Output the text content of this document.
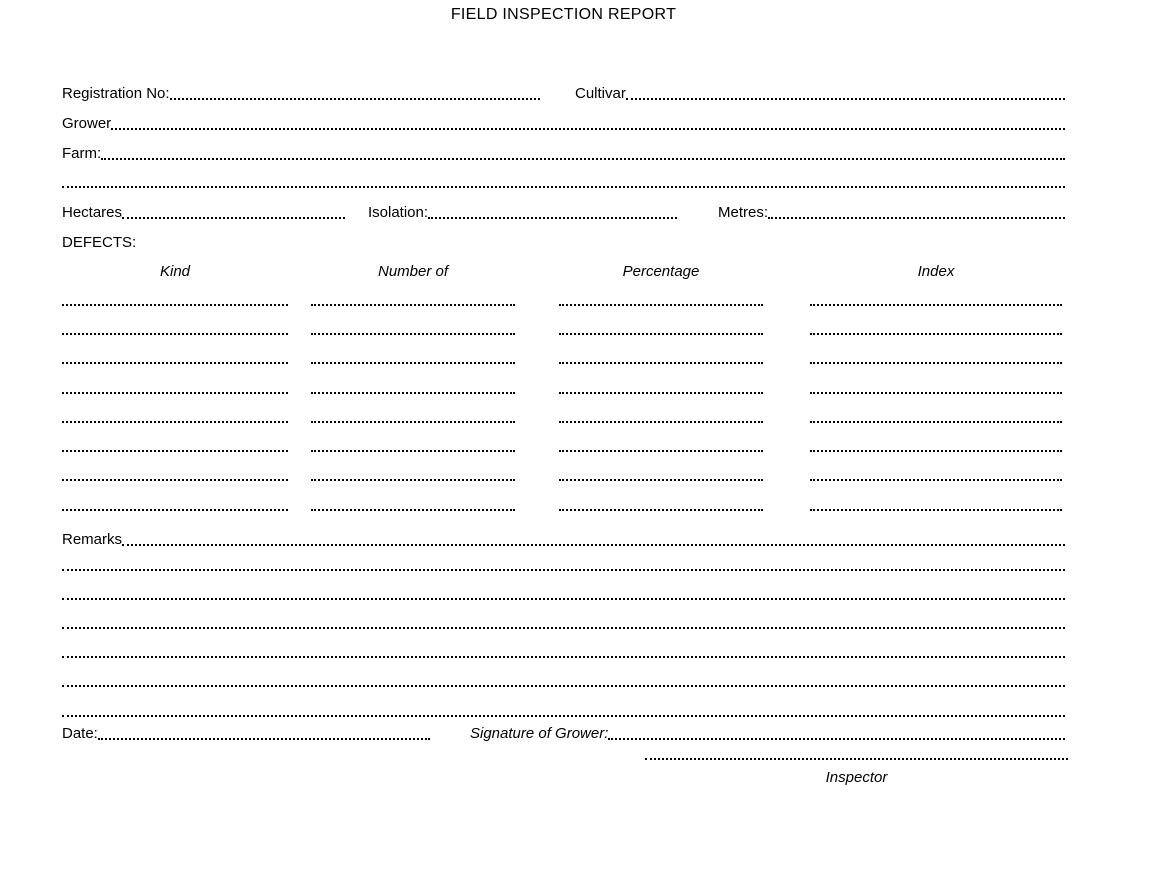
FIELD INSPECTION REPORT
Registration No:	Cultivar
Grower
Farm:
Hectares	Isolation:	Metres:
DEFECTS:
Kind	Number of	Percentage	Index
Remarks
Date:	Signature of Grower:
Inspector
